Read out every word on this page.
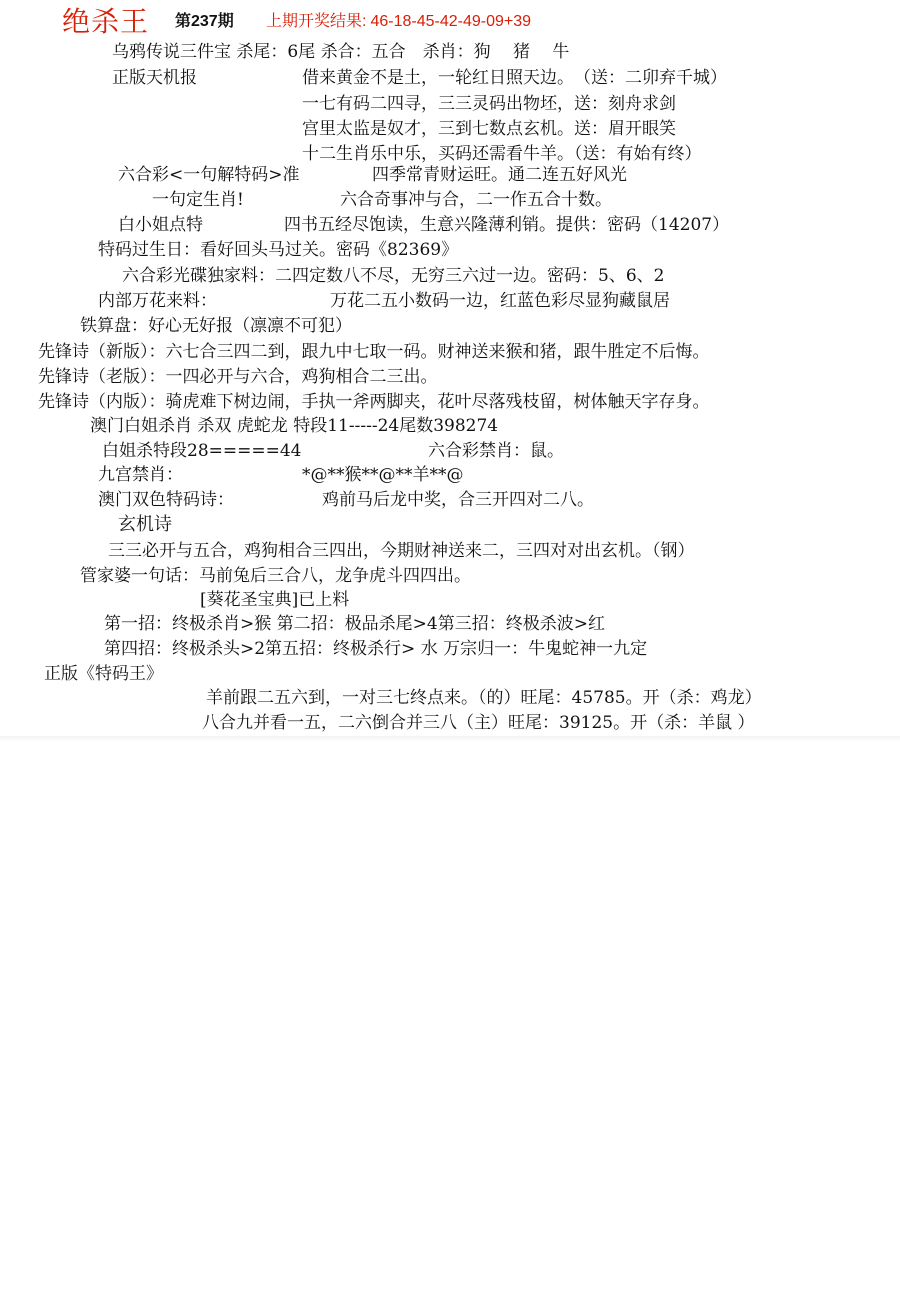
绝杀王 第237期 上期开奖结果: 46-18-45-42-49-09+39
乌鸦传说三件宝 杀尾：6尾 杀合：五合　杀肖：狗　 猪　 牛
正版天机报	借来黄金不是土，一轮红日照天边。　（送：二卯弃千城）
一七有码二四寻，三三灵码出物坯，送：刻舟求剑
宫里太监是奴才，三到七数点玄机。送：眉开眼笑
十二生肖乐中乐，买码还需看牛羊。（送：有始有终）
六合彩<一句解特码>准	四季常青财运旺。通二连五好风光
一句定生肖!	六合奇事冲与合，二一作五合十数。
白小姐点特	四书五经尽饱读，生意兴隆薄利销。提供：密码（14207）
特码过生日：看好回头马过关。密码《82369》
六合彩光碟独家料：二四定数八不尽，无穷三六过一边。密码：5、6、2
内部万花来料：	万花二五小数码一边，红蓝色彩尽显狗藏鼠居
铁算盘：好心无好报（凛凛不可犯）
先锋诗（新版）：六七合三四二到，跟九中七取一码。财神送来猴和猪，跟牛胜定不后悔。
先锋诗（老版）：一四必开与六合，鸡狗相合二三出。
先锋诗（内版）：骑虎难下树边闹，手执一斧两脚夹，花叶尽落残枝留，树体触天字存身。
澳门白姐杀肖 杀双 虎蛇龙 特段11-----24尾数398274
白姐杀特段28=====44	六合彩禁肖：鼠。
九宫禁肖：	*@**猴**@**羊**@
澳门双色特码诗：	鸡前马后龙中奖，合三开四对二八。
玄机诗
三三必开与五合，鸡狗相合三四出，今期财神送来二，三四对对出玄机。（钢）
管家婆一句话：马前兔后三合八，龙争虎斗四四出。
[葵花圣宝典]已上料
第一招：终极杀肖>猴 第二招：极品杀尾>4第三招：终极杀波>红
第四招：终极杀头>2第五招：终极杀行> 水 万宗归一：牛鬼蛇神一九定
正版《特码王》
羊前跟二五六到，一对三七终点来。（的）旺尾：45785。开（杀：鸡龙）
八合九并看一五，二六倒合并三八（主）旺尾：39125。开（杀：羊鼠 ）
